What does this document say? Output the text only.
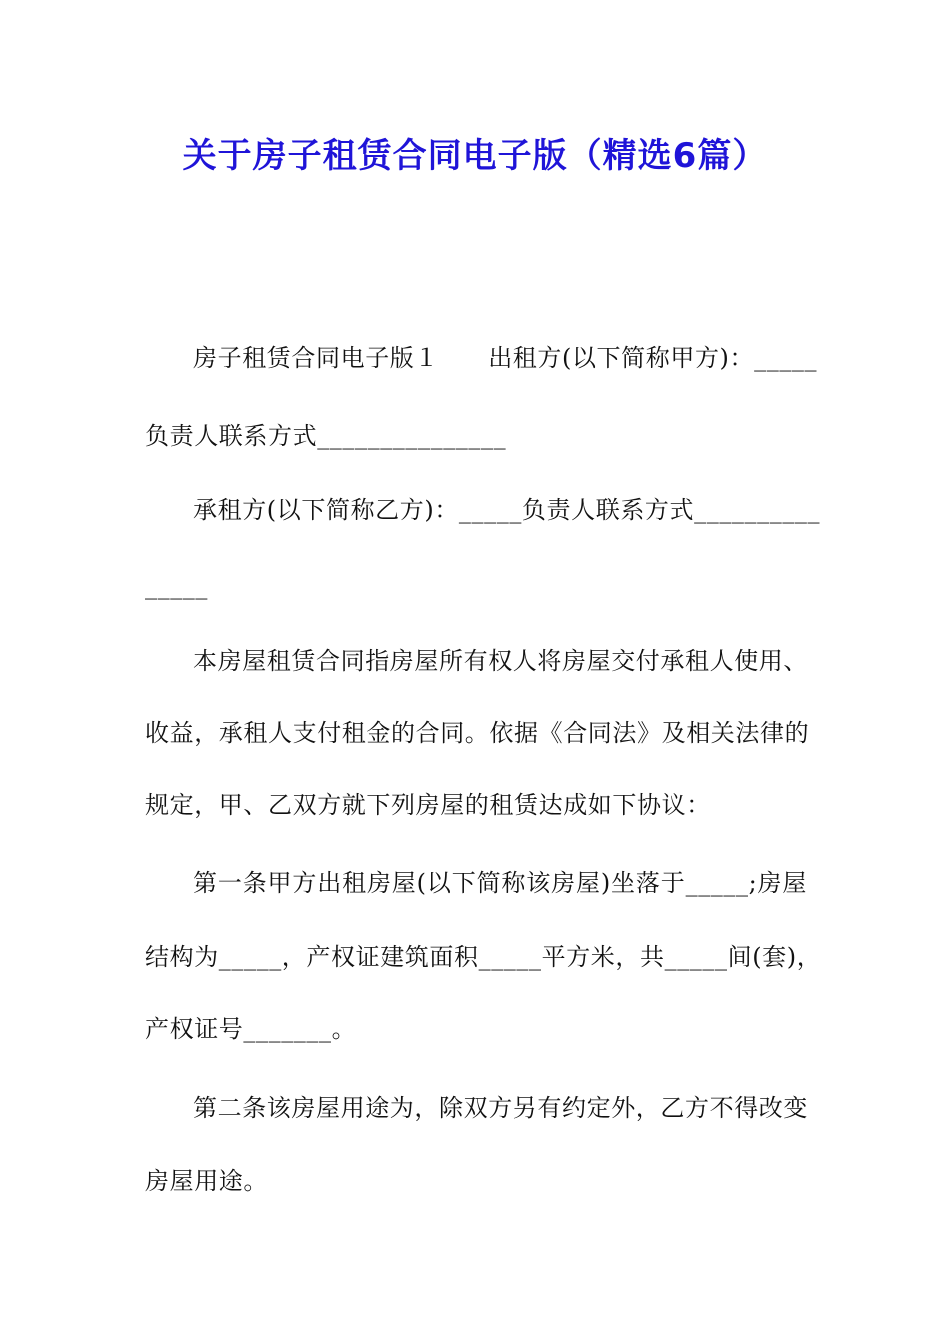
关于房子租赁合同电子版（精选6篇）
房子租赁合同电子版１　　出租方(以下简称甲方)：_____
负责人联系方式_______________
承租方(以下简称乙方)：_____负责人联系方式__________
_____
本房屋租赁合同指房屋所有权人将房屋交付承租人使用、
收益，承租人支付租金的合同。依据《合同法》及相关法律的
规定，甲、乙双方就下列房屋的租赁达成如下协议：
第一条甲方出租房屋(以下简称该房屋)坐落于_____;房屋
结构为_____，产权证建筑面积_____平方米，共_____间(套)，
产权证号_______。
第二条该房屋用途为，除双方另有约定外，乙方不得改变
房屋用途。
